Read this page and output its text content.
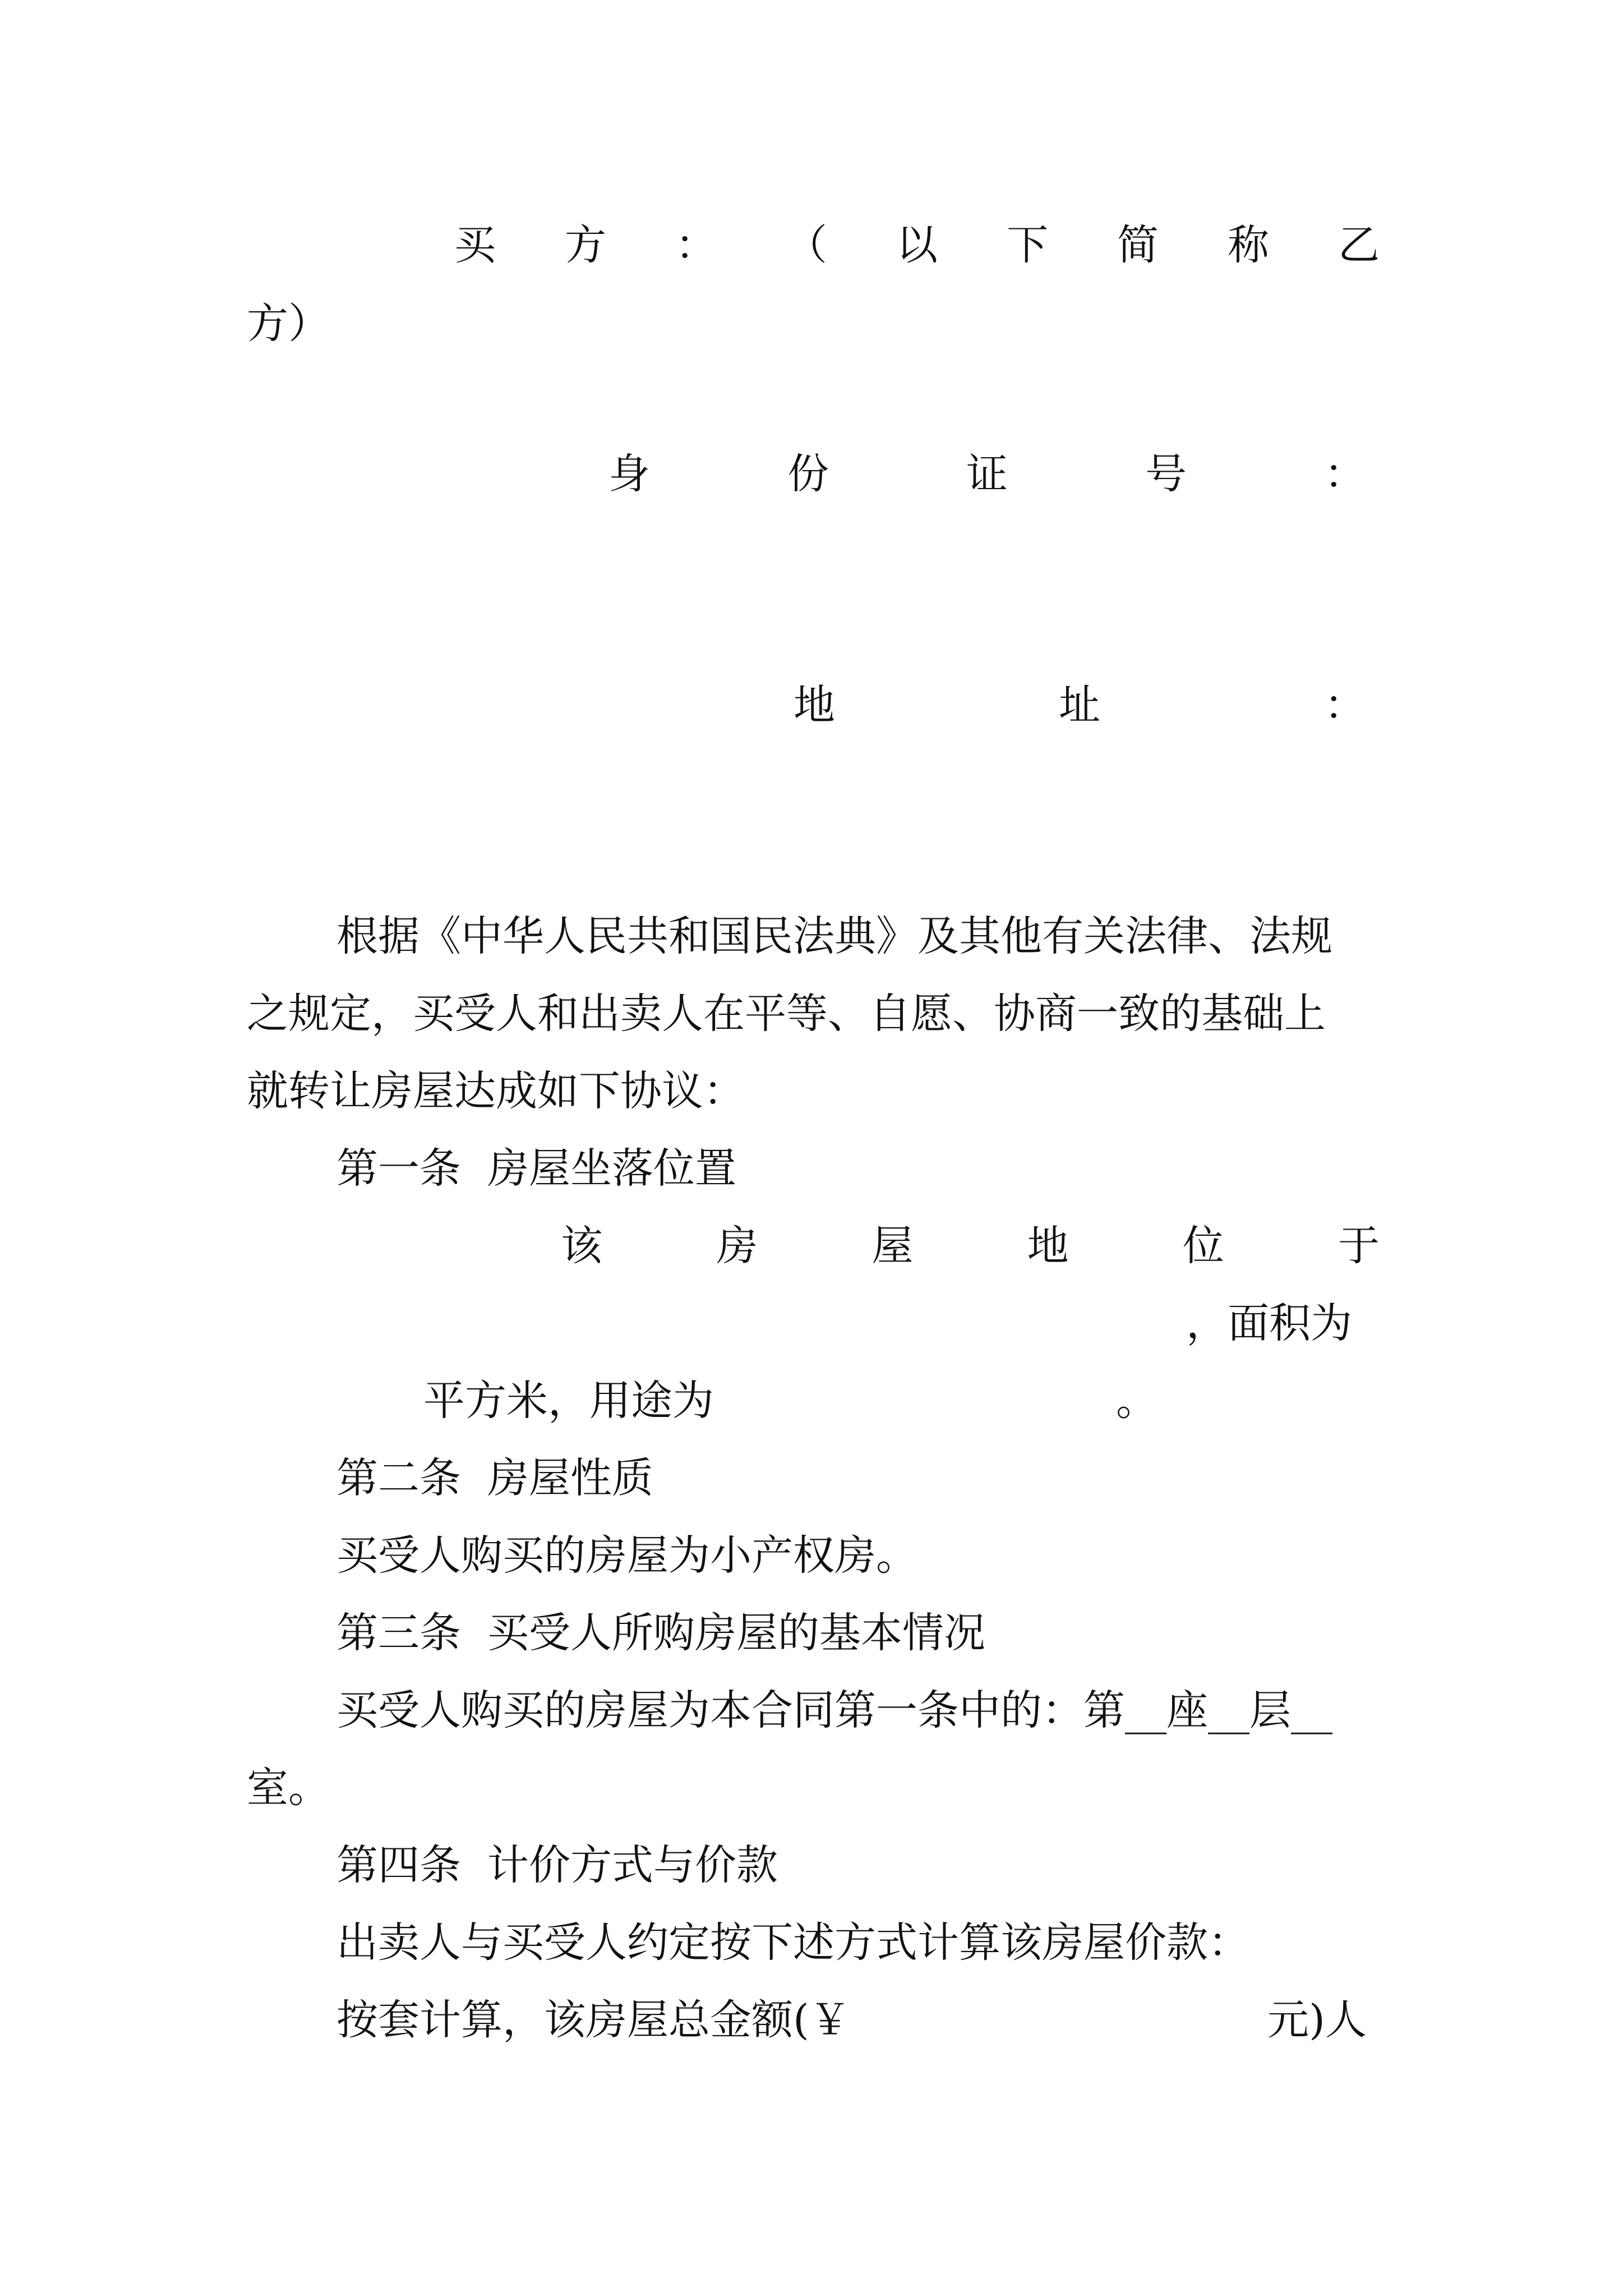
买 方 ： （ 以 下 简 称 乙
方）
身	份	证	号	：
地	址	：
根据《中华人民共和国民法典》及其他有关法律、法规
之规定，买受人和出卖人在平等、自愿、协商一致的基础上
就转让房屋达成如下协议：
第一条  房屋坐落位置
该	房	屋	地	位	于
，面积为
平方米，用途为	。
第二条  房屋性质
买受人购买的房屋为小产权房。
第三条  买受人所购房屋的基本情况
买受人购买的房屋为本合同第一条中的：第__座__层__
室。
第四条  计价方式与价款
出卖人与买受人约定按下述方式计算该房屋价款：
按套计算，该房屋总金额(￥	元)人
